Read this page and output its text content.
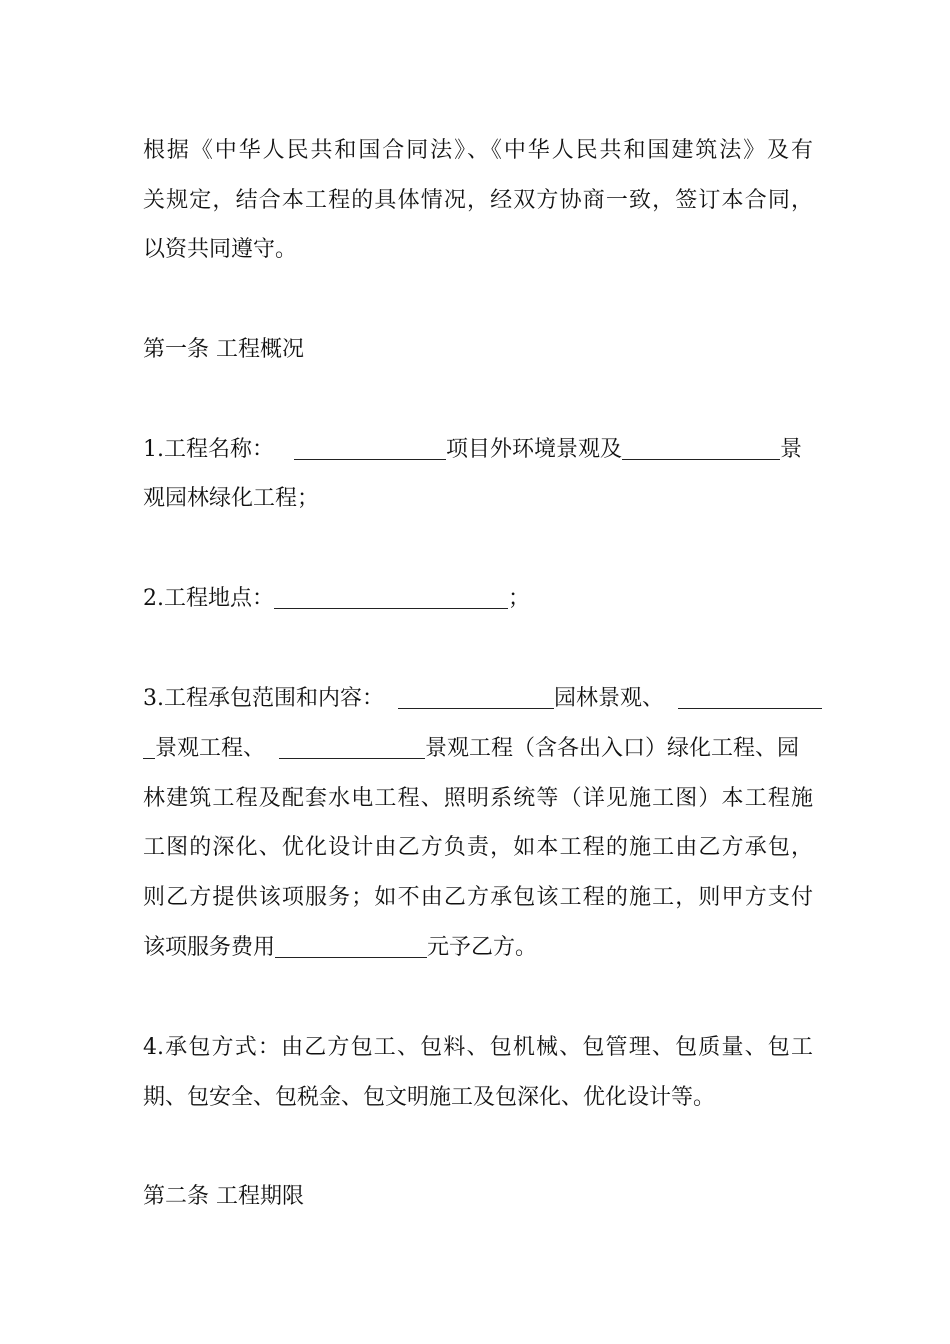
根据《中华人民共和国合同法》、《中华人民共和国建筑法》及有
关规定，结合本工程的具体情况，经双方协商一致，签订本合同，
以资共同遵守。
第一条 工程概况
1.工程名称：	项目外环境景观及	景
观园林绿化工程；
2.工程地点：	；
3.工程承包范围和内容：	园林景观、
景观工程、	景观工程（含各出入口）绿化工程、园
林建筑工程及配套水电工程、照明系统等（详见施工图）本工程施
工图的深化、优化设计由乙方负责，如本工程的施工由乙方承包，
则乙方提供该项服务；如不由乙方承包该工程的施工，则甲方支付
该项服务费用	元予乙方。
4.承包方式：由乙方包工、包料、包机械、包管理、包质量、包工
期、包安全、包税金、包文明施工及包深化、优化设计等。
第二条 工程期限
